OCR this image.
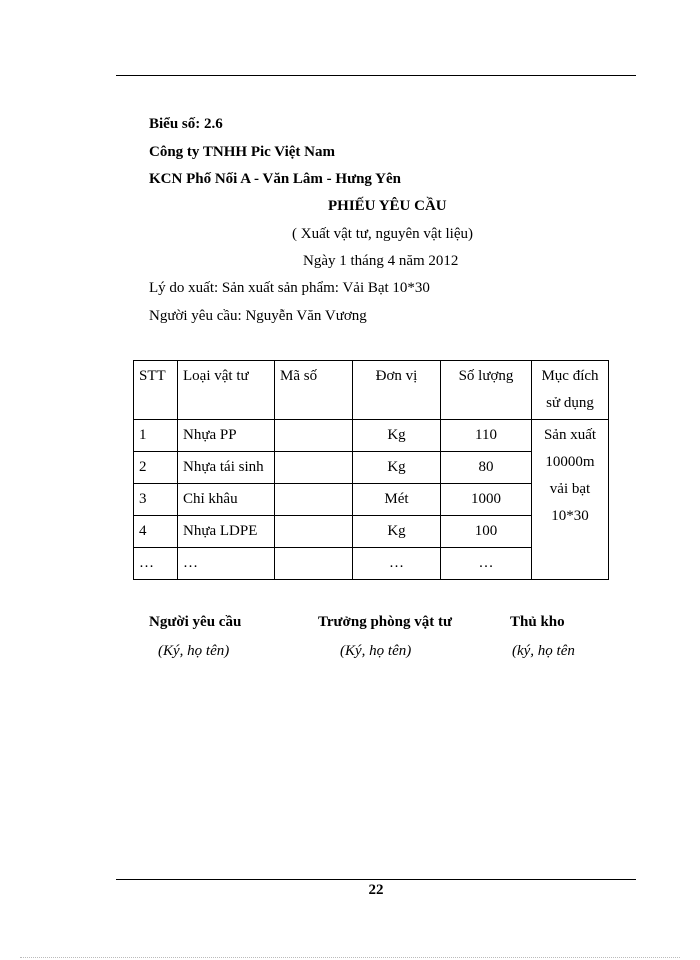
Biểu số: 2.6
Công ty TNHH Pic Việt Nam
KCN Phố Nối A - Văn Lâm - Hưng Yên
PHIẾU YÊU CẦU
( Xuất vật tư, nguyên vật liệu)
Ngày 1 tháng 4 năm 2012
Lý do xuất: Sản xuất sản phẩm: Vải Bạt 10*30
Người yêu cầu: Nguyễn Văn Vương
STT	Loại vật tư	Mã số	Đơn vị	Số lượng	Mục đích sử dụng
1	Nhựa PP		Kg	110	Sản xuất 10000m vải bạt 10*30
2	Nhựa tái sinh		Kg	80	
3	Chỉ khâu		Mét	1000	
4	Nhựa LDPE		Kg	100	
…	…		…	…	
Người yêu cầu
(Ký, họ tên)
Trưởng phòng vật tư
(Ký, họ tên)
Thủ kho
(ký, họ tên
22
